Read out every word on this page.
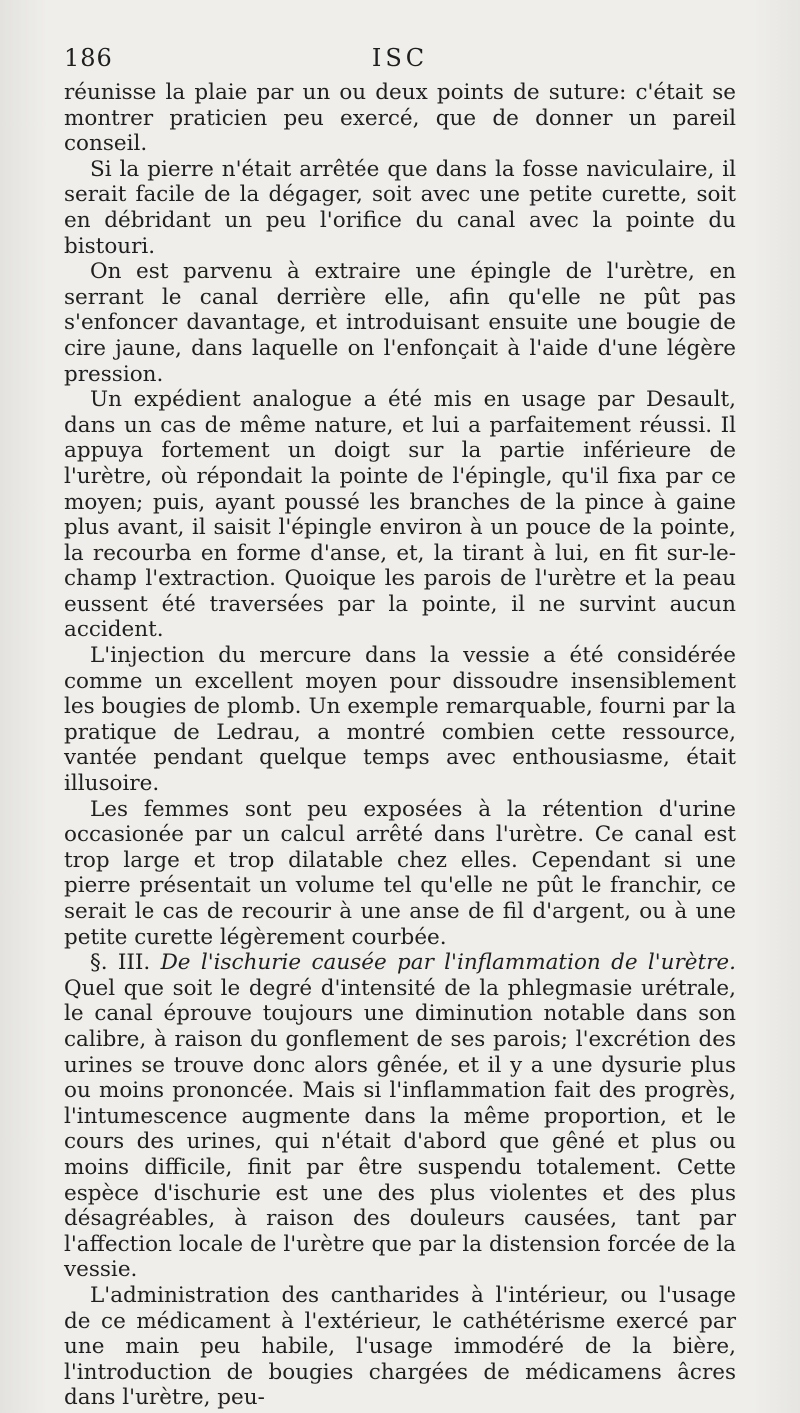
186	ISC

réunisse la plaie par un ou deux points de suture: c'était se montrer praticien peu exercé, que de donner un pareil conseil.

Si la pierre n'était arrêtée que dans la fosse naviculaire, il serait facile de la dégager, soit avec une petite curette, soit en débridant un peu l'orifice du canal avec la pointe du bistouri.

On est parvenu à extraire une épingle de l'urètre, en serrant le canal derrière elle, afin qu'elle ne pût pas s'enfoncer davantage, et introduisant ensuite une bougie de cire jaune, dans laquelle on l'enfonçait à l'aide d'une légère pression.

Un expédient analogue a été mis en usage par Desault, dans un cas de même nature, et lui a parfaitement réussi. Il appuya fortement un doigt sur la partie inférieure de l'urètre, où répondait la pointe de l'épingle, qu'il fixa par ce moyen; puis, ayant poussé les branches de la pince à gaine plus avant, il saisit l'épingle environ à un pouce de la pointe, la recourba en forme d'anse, et, la tirant à lui, en fit sur-le-champ l'extraction. Quoique les parois de l'urètre et la peau eussent été traversées par la pointe, il ne survint aucun accident.

L'injection du mercure dans la vessie a été considérée comme un excellent moyen pour dissoudre insensiblement les bougies de plomb. Un exemple remarquable, fourni par la pratique de Ledrau, a montré combien cette ressource, vantée pendant quelque temps avec enthousiasme, était illusoire.

Les femmes sont peu exposées à la rétention d'urine occasionée par un calcul arrêté dans l'urètre. Ce canal est trop large et trop dilatable chez elles. Cependant si une pierre présentait un volume tel qu'elle ne pût le franchir, ce serait le cas de recourir à une anse de fil d'argent, ou à une petite curette légèrement courbée.

§. III. De l'ischurie causée par l'inflammation de l'urètre. Quel que soit le degré d'intensité de la phlegmasie urétrale, le canal éprouve toujours une diminution notable dans son calibre, à raison du gonflement de ses parois; l'excrétion des urines se trouve donc alors gênée, et il y a une dysurie plus ou moins prononcée. Mais si l'inflammation fait des progrès, l'intumescence augmente dans la même proportion, et le cours des urines, qui n'était d'abord que gêné et plus ou moins difficile, finit par être suspendu totalement. Cette espèce d'ischurie est une des plus violentes et des plus désagréables, à raison des douleurs causées, tant par l'affection locale de l'urètre que par la distension forcée de la vessie.

L'administration des cantharides à l'intérieur, ou l'usage de ce médicament à l'extérieur, le cathétérisme exercé par une main peu habile, l'usage immodéré de la bière, l'introduction de bougies chargées de médicamens âcres dans l'urètre, peu-
